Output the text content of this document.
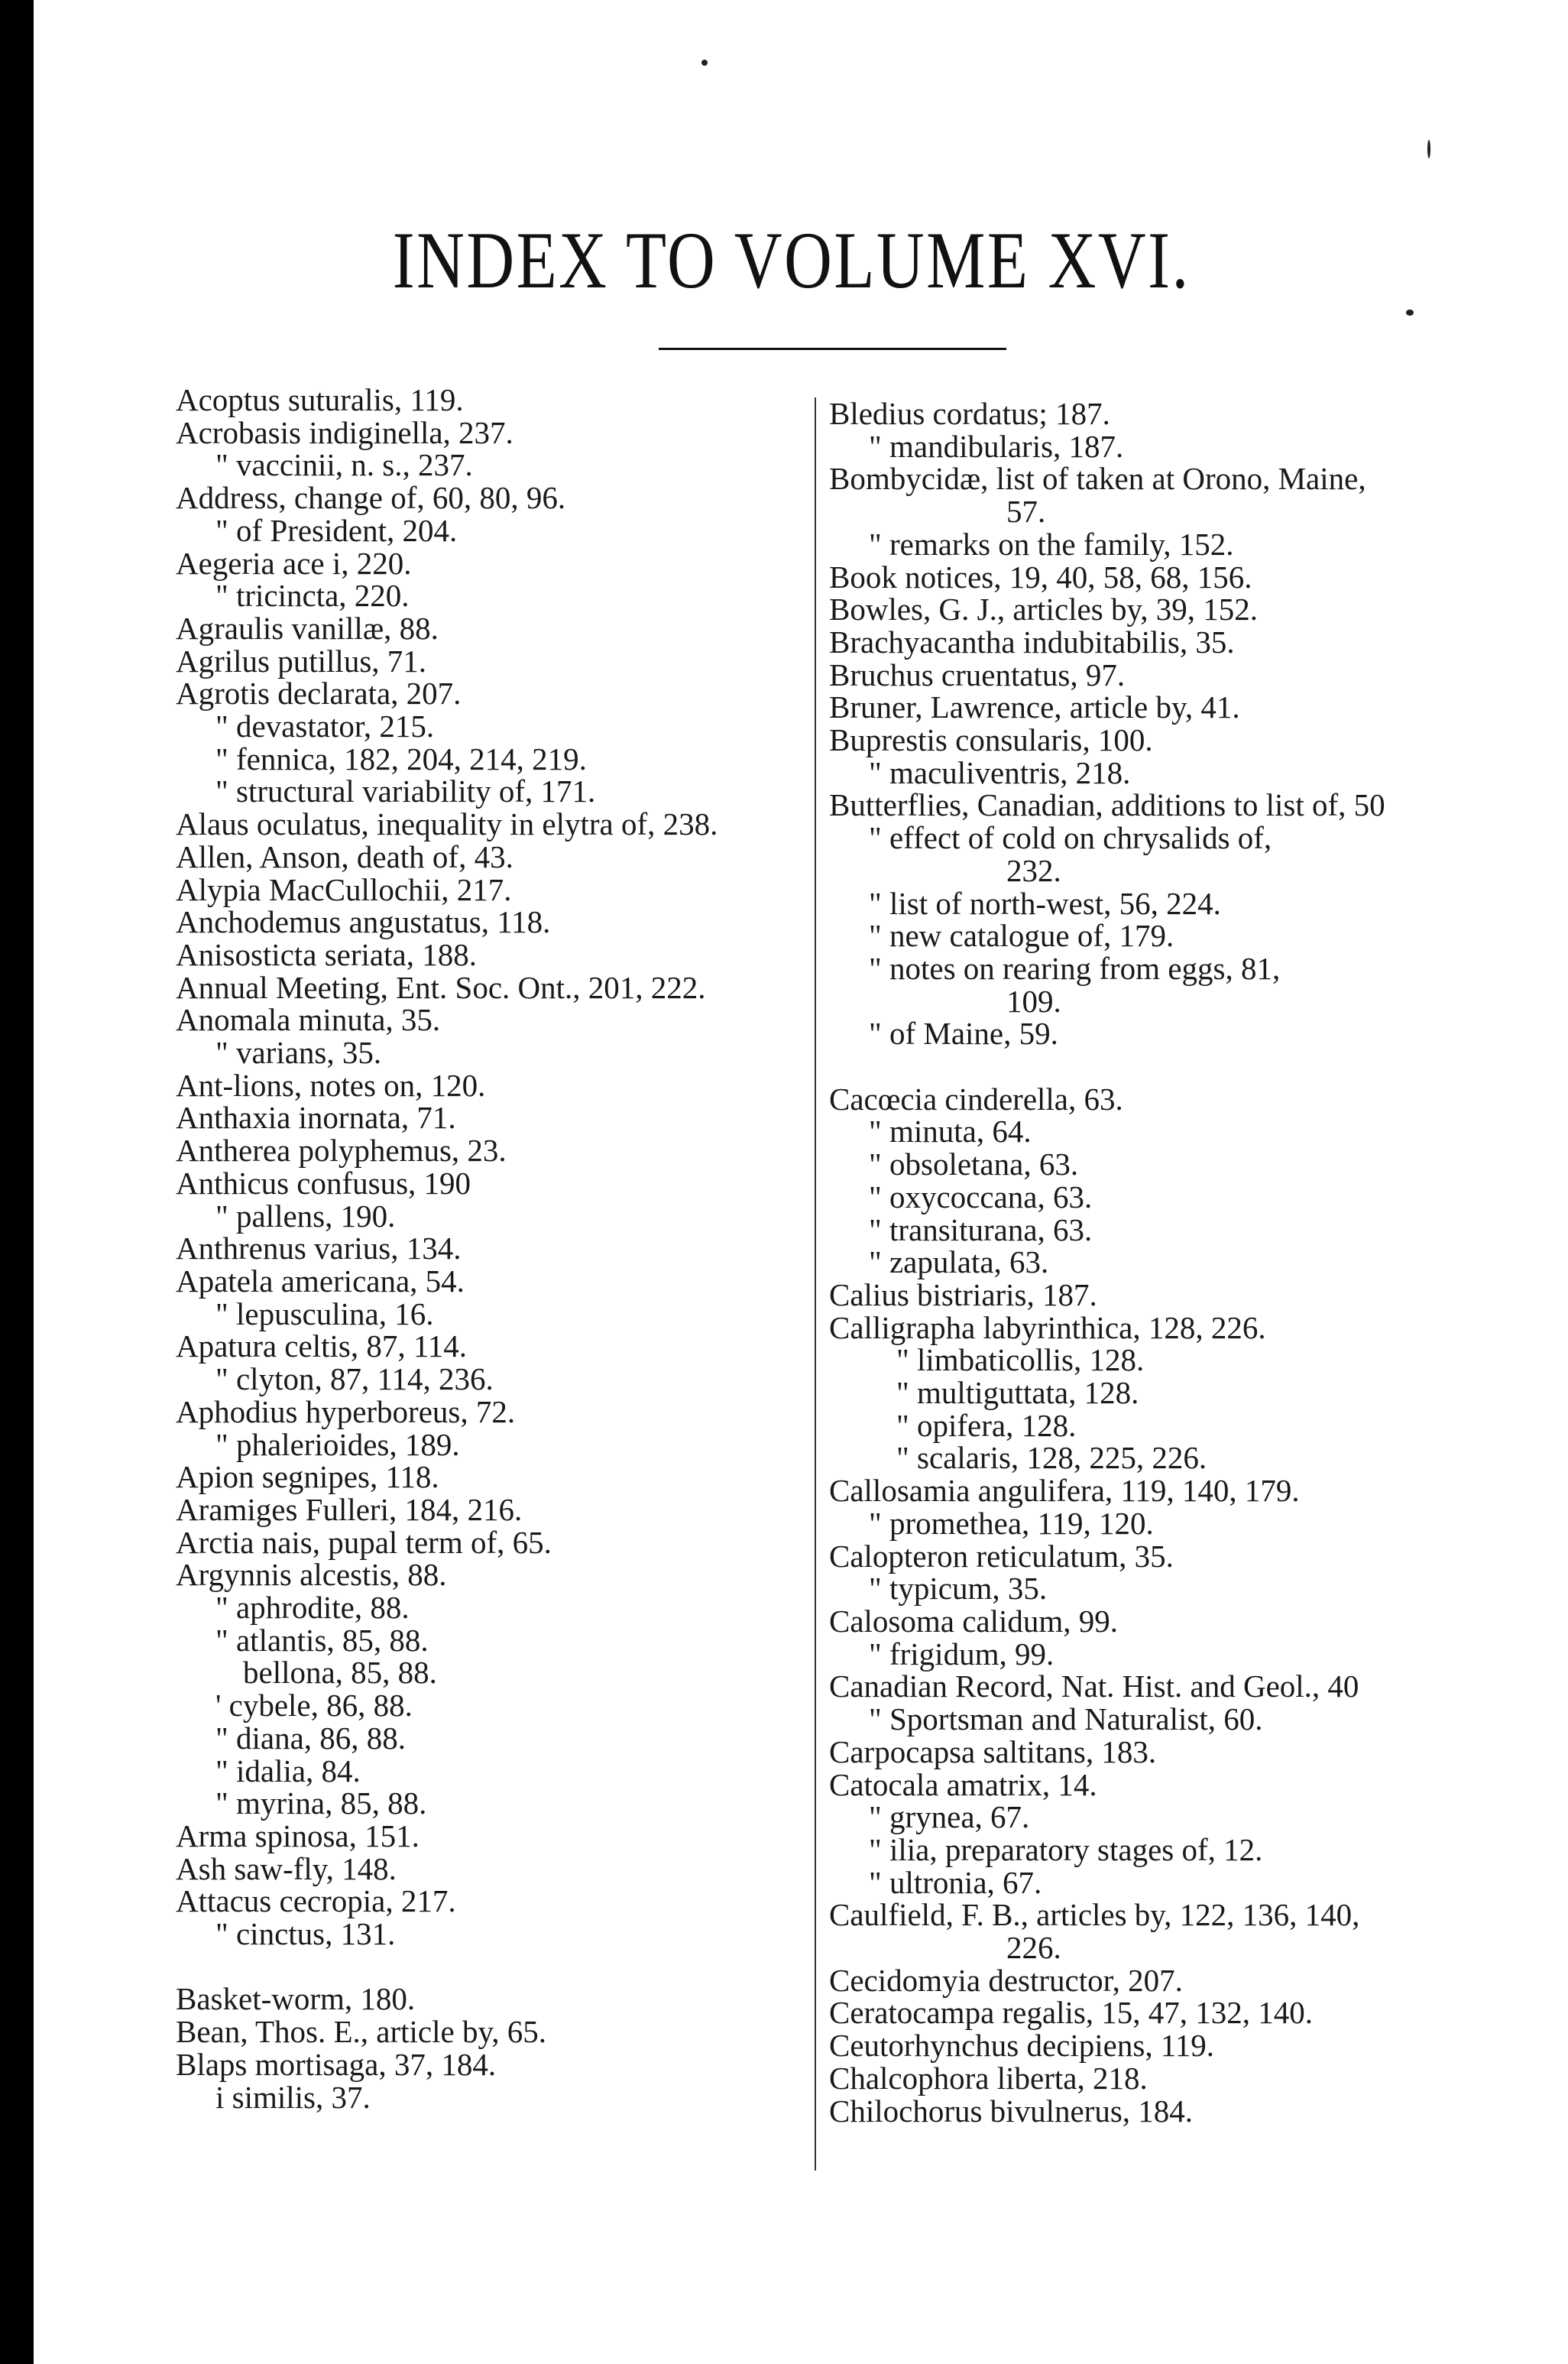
INDEX TO VOLUME XVI.
Acoptus suturalis, 119.
Acrobasis indiginella, 237.
" vaccinii, n. s., 237.
Address, change of, 60, 80, 96.
" of President, 204.
Aegeria ace i, 220.
" tricincta, 220.
Agraulis vanillæ, 88.
Agrilus putillus, 71.
Agrotis declarata, 207.
" devastator, 215.
" fennica, 182, 204, 214, 219.
" structural variability of, 171.
Alaus oculatus, inequality in elytra of, 238.
Allen, Anson, death of, 43.
Alypia MacCullochii, 217.
Anchodemus angustatus, 118.
Anisosticta seriata, 188.
Annual Meeting, Ent. Soc. Ont., 201, 222.
Anomala minuta, 35.
" varians, 35.
Ant-lions, notes on, 120.
Anthaxia inornata, 71.
Antherea polyphemus, 23.
Anthicus confusus, 190
" pallens, 190.
Anthrenus varius, 134.
Apatela americana, 54.
" lepusculina, 16.
Apatura celtis, 87, 114.
" clyton, 87, 114, 236.
Aphodius hyperboreus, 72.
" phalerioides, 189.
Apion segnipes, 118.
Aramiges Fulleri, 184, 216.
Arctia nais, pupal term of, 65.
Argynnis alcestis, 88.
" aphrodite, 88.
" atlantis, 85, 88.
bellona, 85, 88.
' cybele, 86, 88.
" diana, 86, 88.
" idalia, 84.
" myrina, 85, 88.
Arma spinosa, 151.
Ash saw-fly, 148.
Attacus cecropia, 217.
" cinctus, 131.
Basket-worm, 180.
Bean, Thos. E., article by, 65.
Blaps mortisaga, 37, 184.
i similis, 37.
Bledius cordatus; 187.
" mandibularis, 187.
Bombycidæ, list of taken at Orono, Maine,
57.
" remarks on the family, 152.
Book notices, 19, 40, 58, 68, 156.
Bowles, G. J., articles by, 39, 152.
Brachyacantha indubitabilis, 35.
Bruchus cruentatus, 97.
Bruner, Lawrence, article by, 41.
Buprestis consularis, 100.
" maculiventris, 218.
Butterflies, Canadian, additions to list of, 50
" effect of cold on chrysalids of,
232.
" list of north-west, 56, 224.
" new catalogue of, 179.
" notes on rearing from eggs, 81,
109.
" of Maine, 59.
Cacœcia cinderella, 63.
" minuta, 64.
" obsoletana, 63.
" oxycoccana, 63.
" transiturana, 63.
" zapulata, 63.
Calius bistriaris, 187.
Calligrapha labyrinthica, 128, 226.
" limbaticollis, 128.
" multiguttata, 128.
" opifera, 128.
" scalaris, 128, 225, 226.
Callosamia angulifera, 119, 140, 179.
" promethea, 119, 120.
Calopteron reticulatum, 35.
" typicum, 35.
Calosoma calidum, 99.
" frigidum, 99.
Canadian Record, Nat. Hist. and Geol., 40
" Sportsman and Naturalist, 60.
Carpocapsa saltitans, 183.
Catocala amatrix, 14.
" grynea, 67.
" ilia, preparatory stages of, 12.
" ultronia, 67.
Caulfield, F. B., articles by, 122, 136, 140,
226.
Cecidomyia destructor, 207.
Ceratocampa regalis, 15, 47, 132, 140.
Ceutorhynchus decipiens, 119.
Chalcophora liberta, 218.
Chilochorus bivulnerus, 184.
